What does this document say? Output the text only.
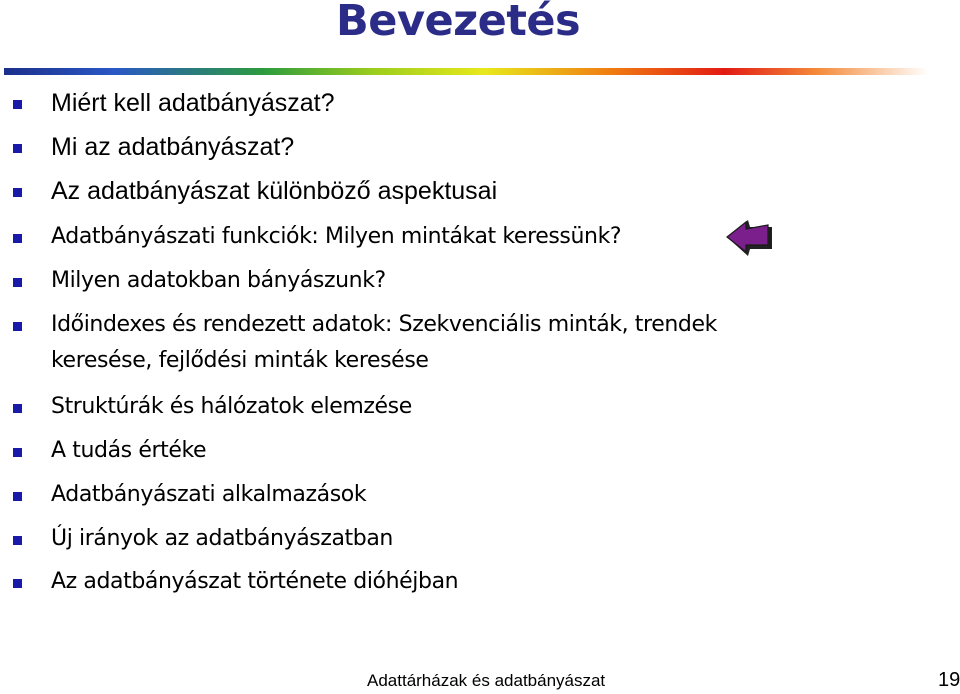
Bevezetés
Miért kell adatbányászat?
Mi az adatbányászat?
Az adatbányászat különböző aspektusai
Adatbányászati funkciók: Milyen mintákat keressünk?
Milyen adatokban bányászunk?
Időindexes és rendezett adatok: Szekvenciális minták, trendek
keresése, fejlődési minták keresése
Struktúrák és hálózatok elemzése
A tudás értéke
Adatbányászati alkalmazások
Új irányok az adatbányászatban
Az adatbányászat története dióhéjban
Adattárházak és adatbányászat	19
